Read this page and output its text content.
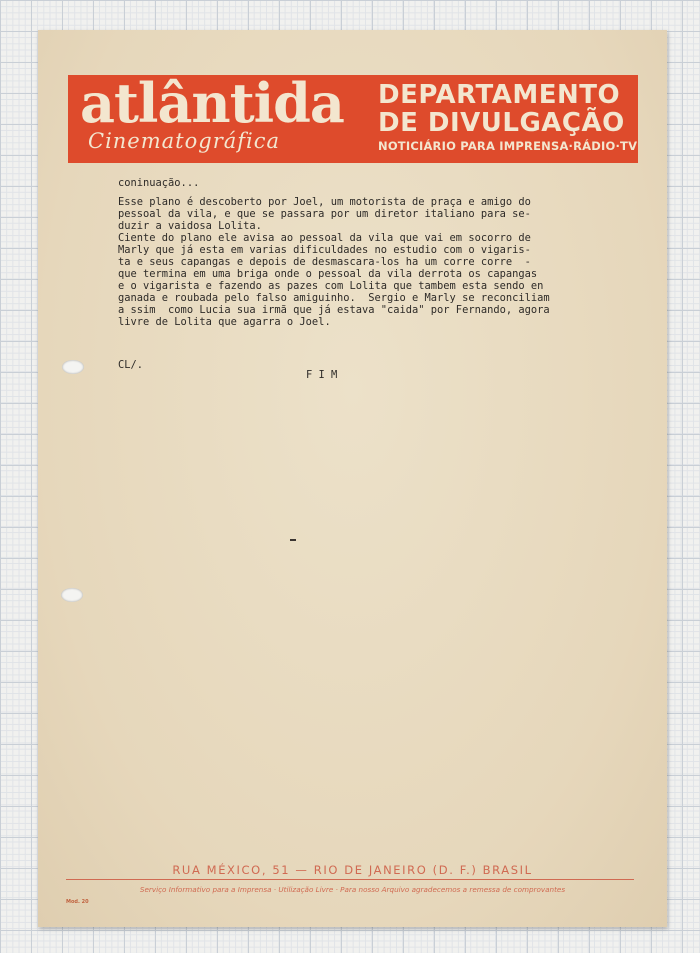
atlântida
Cinematográfica
DEPARTAMENTO
DE DIVULGAÇÃO
NOTICIÁRIO PARA IMPRENSA·RÁDIO·TV
coninuação...
Esse plano é descoberto por Joel, um motorista de praça e amigo do
pessoal da vila, e que se passara por um diretor italiano para se-
duzir a vaidosa Lolita.
Ciente do plano ele avisa ao pessoal da vila que vai em socorro de
Marly que já esta em varias dificuldades no estudio com o vigaris-
ta e seus capangas e depois de desmascara-los ha um corre corre  -
que termina em uma briga onde o pessoal da vila derrota os capangas
e o vigarista e fazendo as pazes com Lolita que tambem esta sendo en
ganada e roubada pelo falso amiguinho.  Sergio e Marly se reconciliam
a ssim  como Lucia sua irmã que já estava "caida" por Fernando, agora
livre de Lolita que agarra o Joel.
CL/.
F I M
RUA MÉXICO, 51 — RIO DE JANEIRO (D. F.) BRASIL
Serviço Informativo para a Imprensa · Utilização Livre · Para nosso Arquivo agradecemos a remessa de comprovantes
Mod. 20
